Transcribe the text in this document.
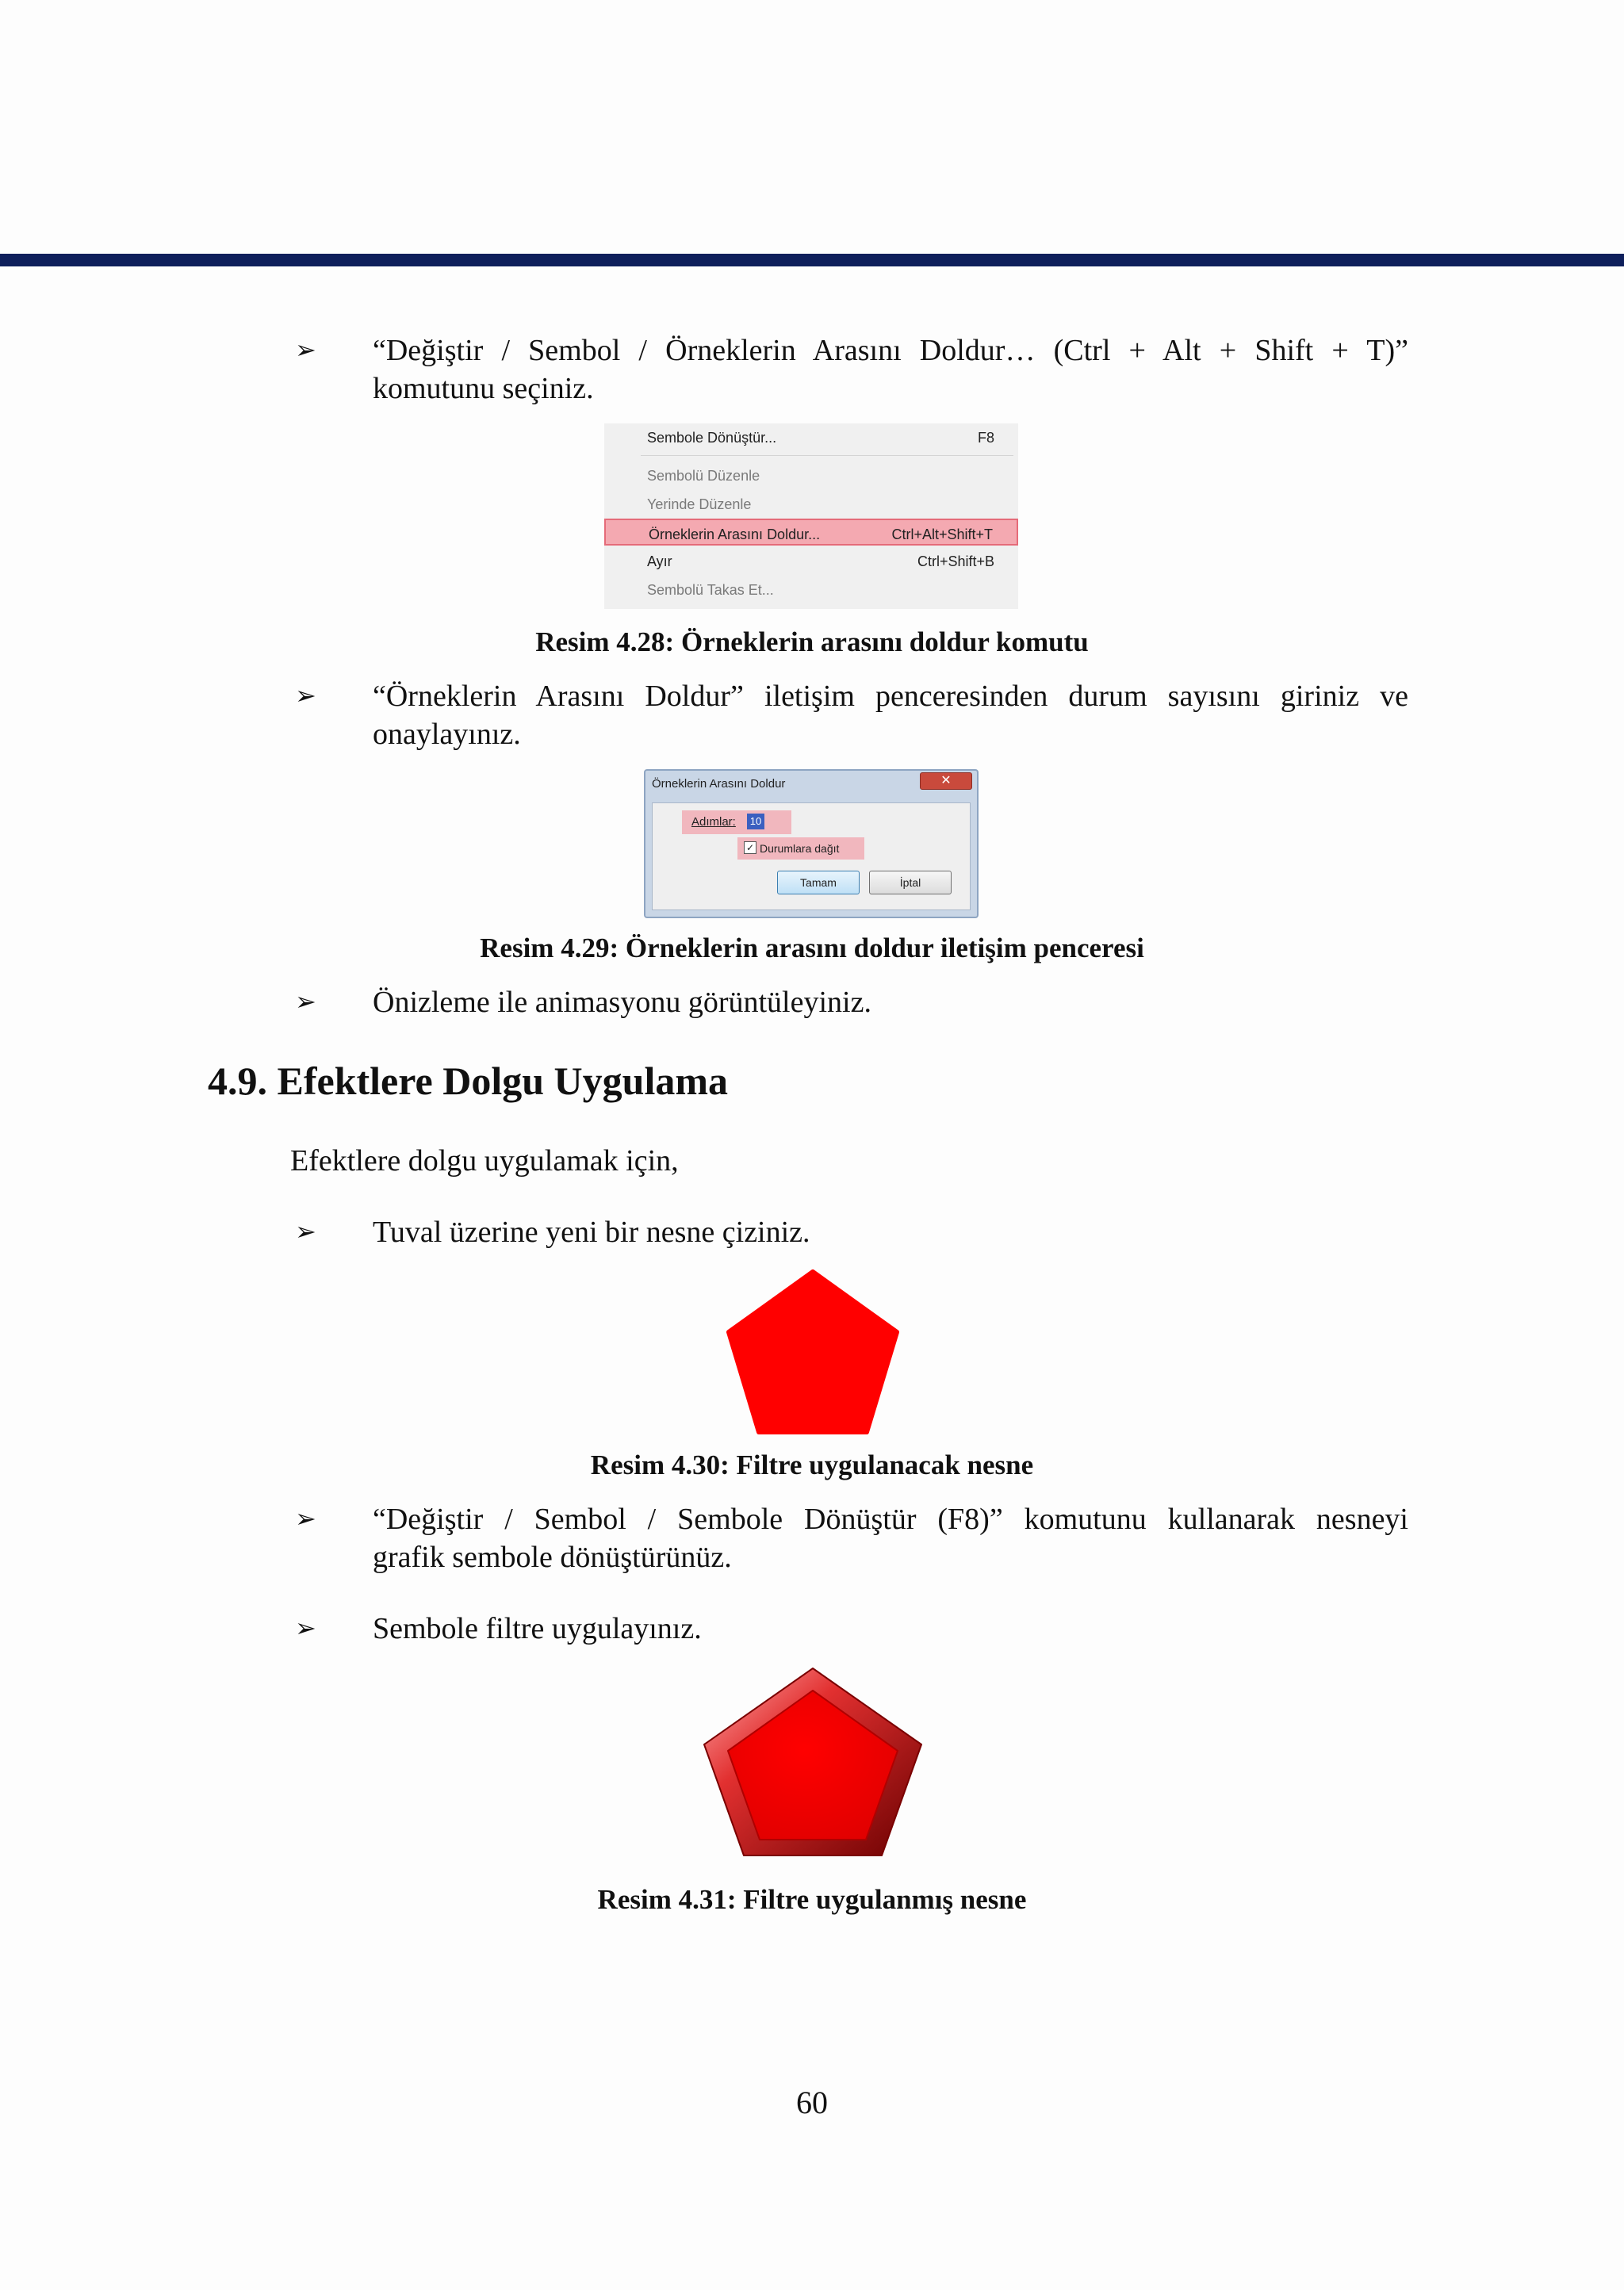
➢ “Değiştir / Sembol / Örneklerin Arasını Doldur… (Ctrl + Alt + Shift + T)”
komutunu seçiniz.
Sembole Dönüştür...	F8
Sembolü Düzenle
Yerinde Düzenle
Örneklerin Arasını Doldur...	Ctrl+Alt+Shift+T
Ayır	Ctrl+Shift+B
Sembolü Takas Et...
Resim 4.28: Örneklerin arasını doldur komutu
➢ “Örneklerin Arasını Doldur” iletişim penceresinden durum sayısını giriniz ve
onaylayınız.
Örneklerin Arasını Doldur	✕
Adımlar: 10
✓ Durumlara dağıt
Tamam	İptal
Resim 4.29: Örneklerin arasını doldur iletişim penceresi
➢ Önizleme ile animasyonu görüntüleyiniz.
4.9. Efektlere Dolgu Uygulama
Efektlere dolgu uygulamak için,
➢ Tuval üzerine yeni bir nesne çiziniz.
Resim 4.30: Filtre uygulanacak nesne
➢ “Değiştir / Sembol / Sembole Dönüştür (F8)” komutunu kullanarak nesneyi
grafik sembole dönüştürünüz.
➢ Sembole filtre uygulayınız.
Resim 4.31: Filtre uygulanmış nesne
60
